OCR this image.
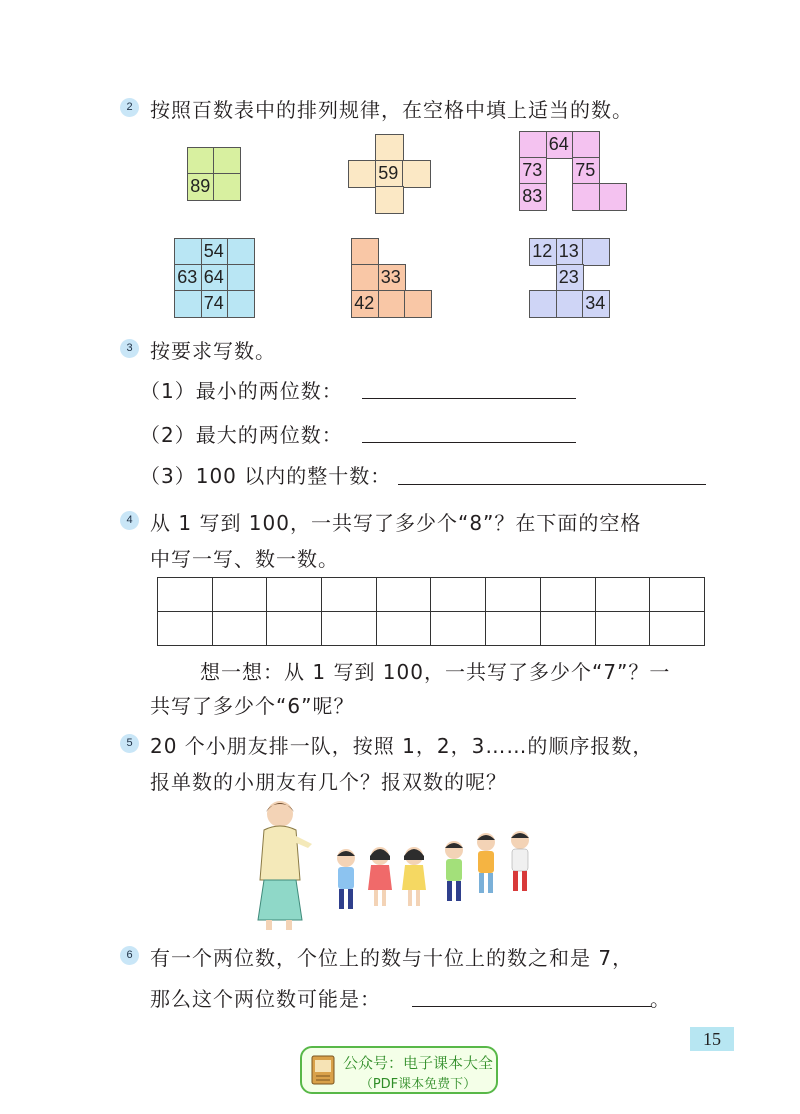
2 按照百数表中的排列规律，在空格中填上适当的数。
89
59
64
73 75
83
54
63 64
74
33
42
12 13
23
34
3 按要求写数。
（1）最小的两位数：
（2）最大的两位数：
（3）100 以内的整十数：
4 从 1 写到 100，一共写了多少个“8”？在下面的空格
中写一写、数一数。

想一想：从 1 写到 100，一共写了多少个“7”？一
共写了多少个“6”呢？
5 20 个小朋友排一队，按照 1，2，3……的顺序报数，
报单数的小朋友有几个？报双数的呢？
6 有一个两位数，个位上的数与十位上的数之和是 7，
那么这个两位数可能是：	。
15
公众号：电子课本大全
（PDF课本免费下）
